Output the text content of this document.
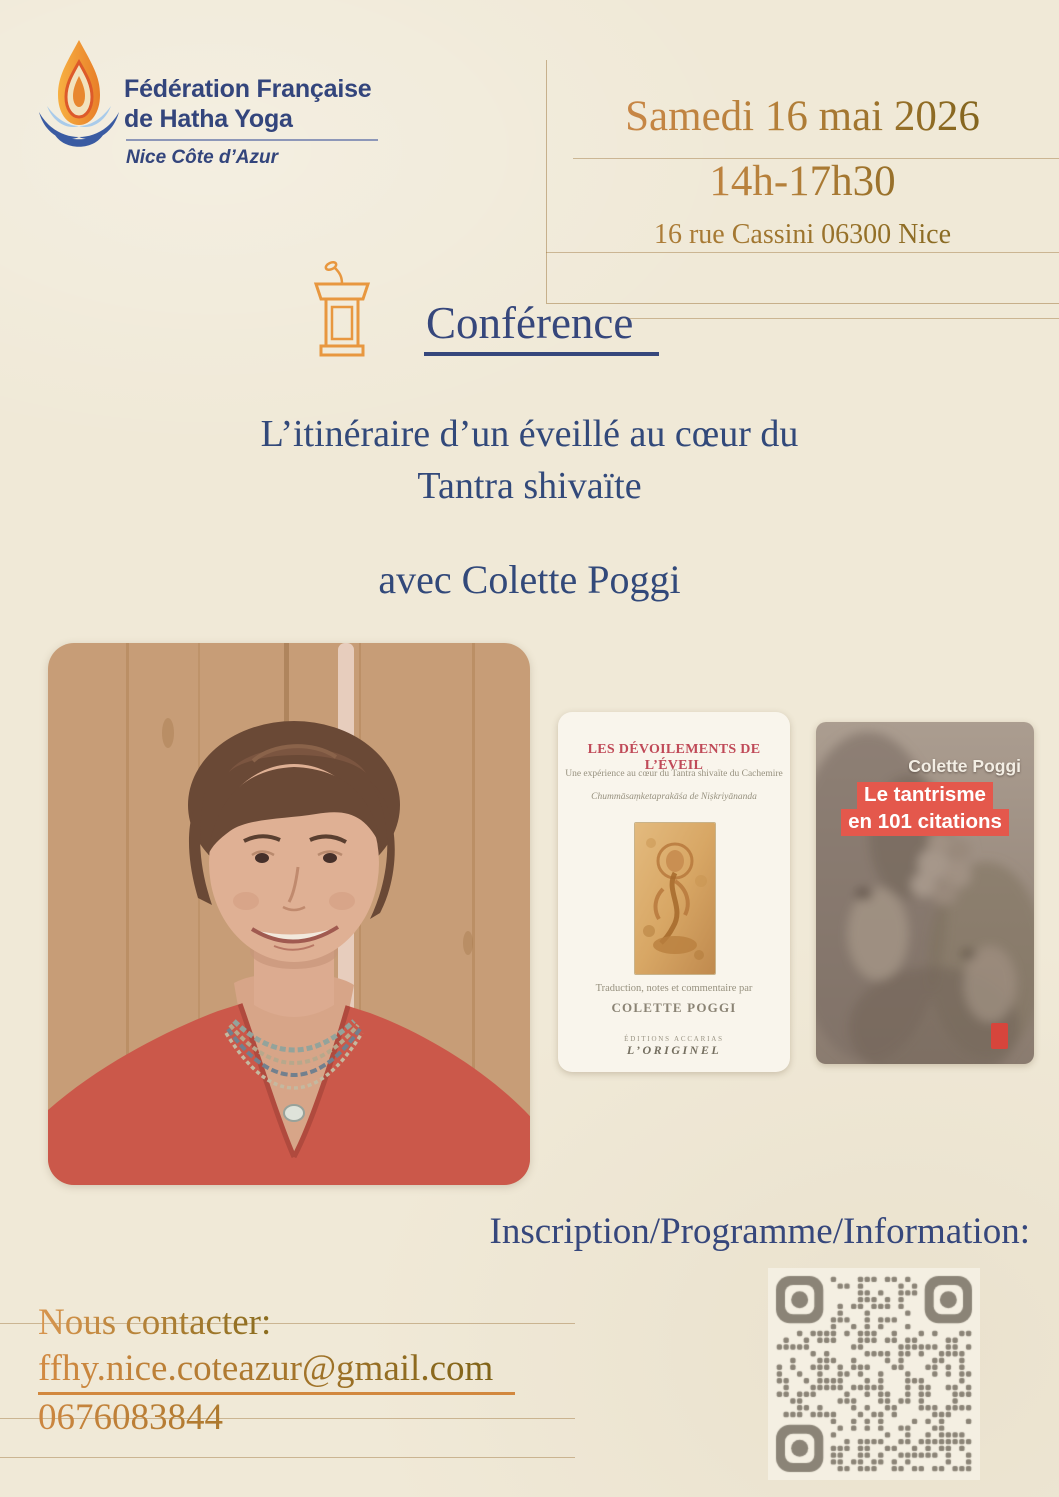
Fédération Française
de Hatha Yoga
Nice Côte d’Azur
Samedi 16 mai 2026
14h-17h30
16 rue Cassini 06300 Nice
Conférence
L’itinéraire d’un éveillé au cœur du
Tantra shivaïte
avec Colette Poggi
LES DÉVOILEMENTS DE L’ÉVEIL
Une expérience au cœur du Tantra shivaïte du Cachemire
Chummāsaṃketaprakāśa de Niṣkriyānanda
Traduction, notes et commentaire par
COLETTE POGGI
ÉDITIONS ACCARIAS
L’ORIGINEL
Colette Poggi
Le tantrisme
en 101 citations
Inscription/Programme/Information:
Nous contacter:
ffhy.nice.coteazur@gmail.com
0676083844
